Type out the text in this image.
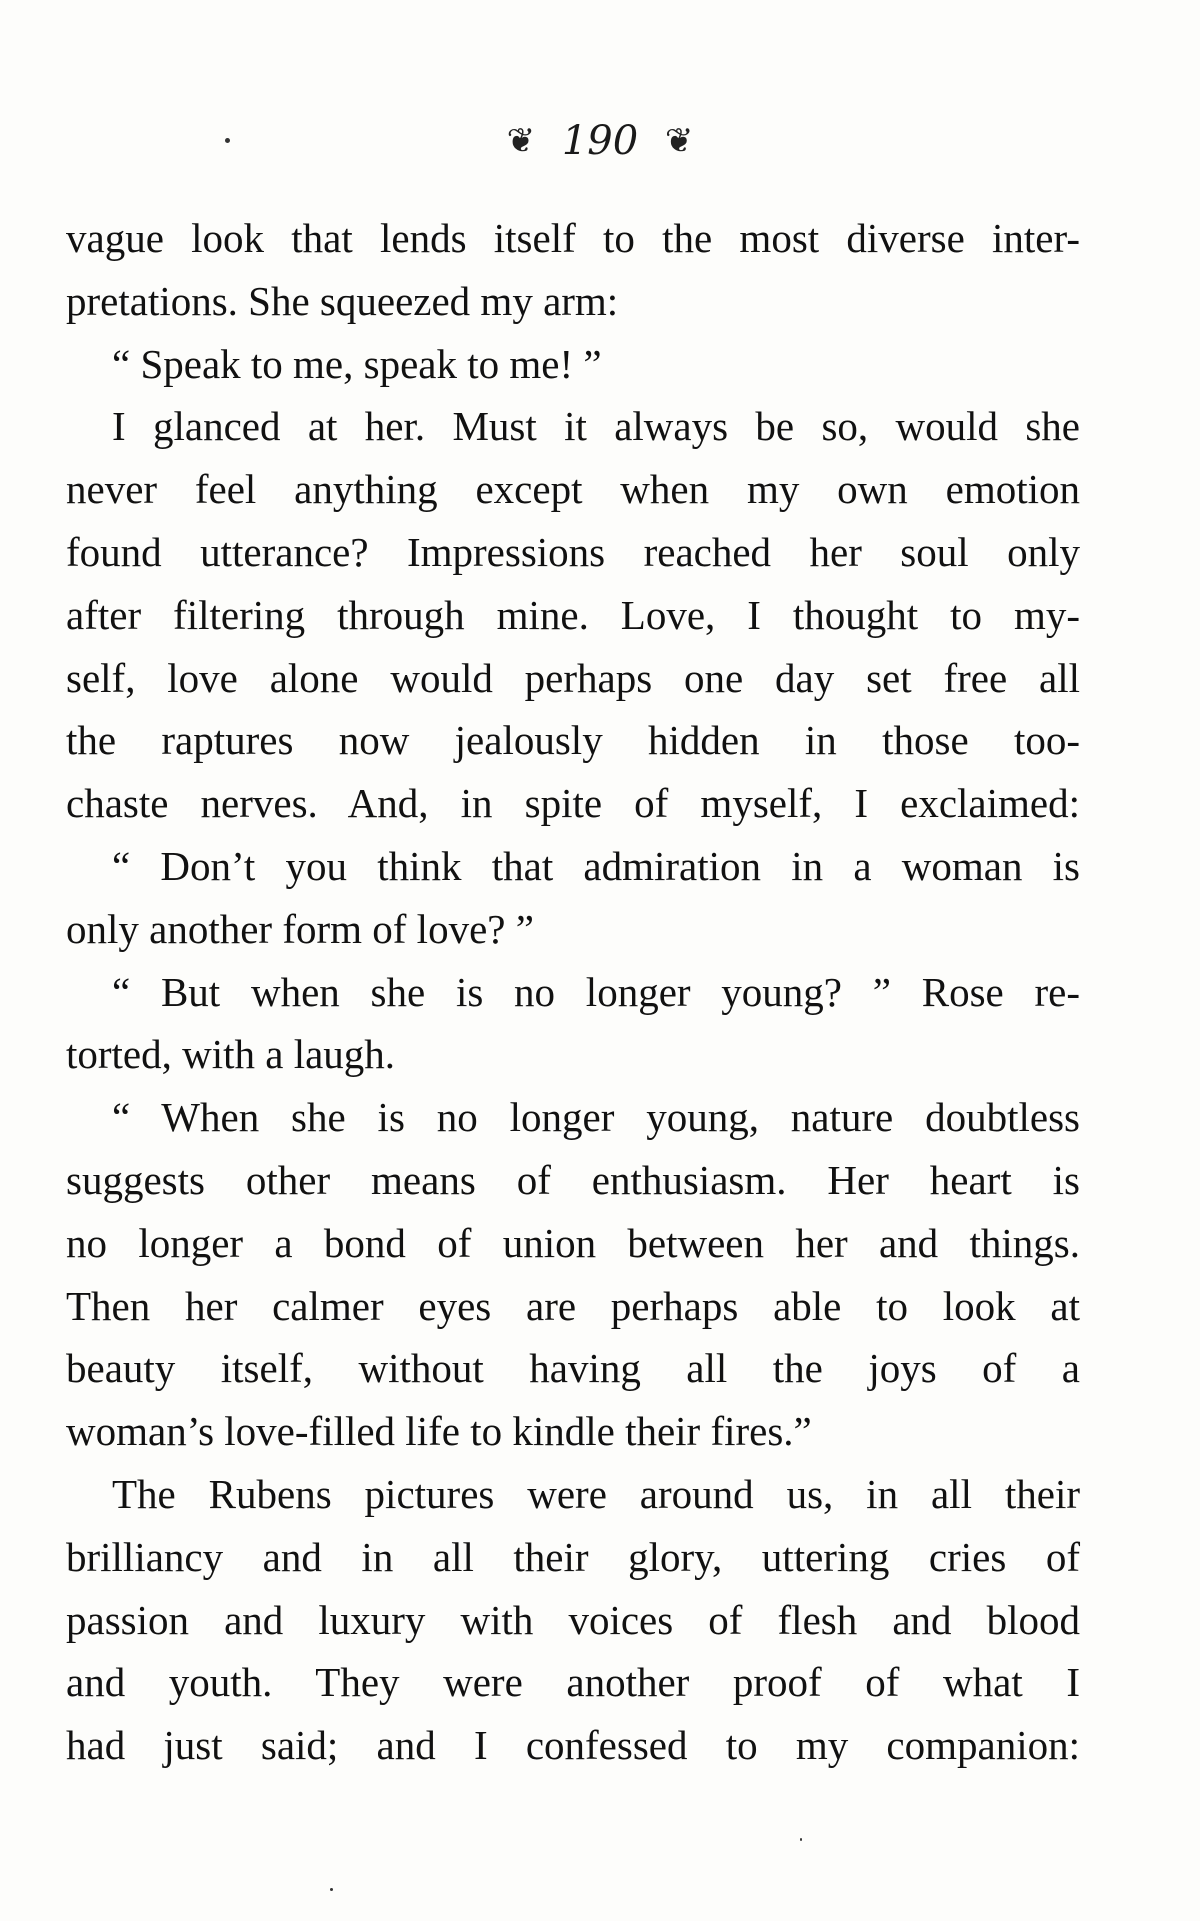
❦ 190 ❦
vague look that lends itself to the most diverse inter-
pretations. She squeezed my arm:
“ Speak to me, speak to me! ”
I glanced at her. Must it always be so, would she
never feel anything except when my own emotion
found utterance? Impressions reached her soul only
after filtering through mine. Love, I thought to my-
self, love alone would perhaps one day set free all
the raptures now jealously hidden in those too-
chaste nerves. And, in spite of myself, I exclaimed:
“ Don’t you think that admiration in a woman is
only another form of love? ”
“ But when she is no longer young? ” Rose re-
torted, with a laugh.
“ When she is no longer young, nature doubtless
suggests other means of enthusiasm. Her heart is
no longer a bond of union between her and things.
Then her calmer eyes are perhaps able to look at
beauty itself, without having all the joys of a
woman’s love-filled life to kindle their fires.”
The Rubens pictures were around us, in all their
brilliancy and in all their glory, uttering cries of
passion and luxury with voices of flesh and blood
and youth. They were another proof of what I
had just said; and I confessed to my companion:
